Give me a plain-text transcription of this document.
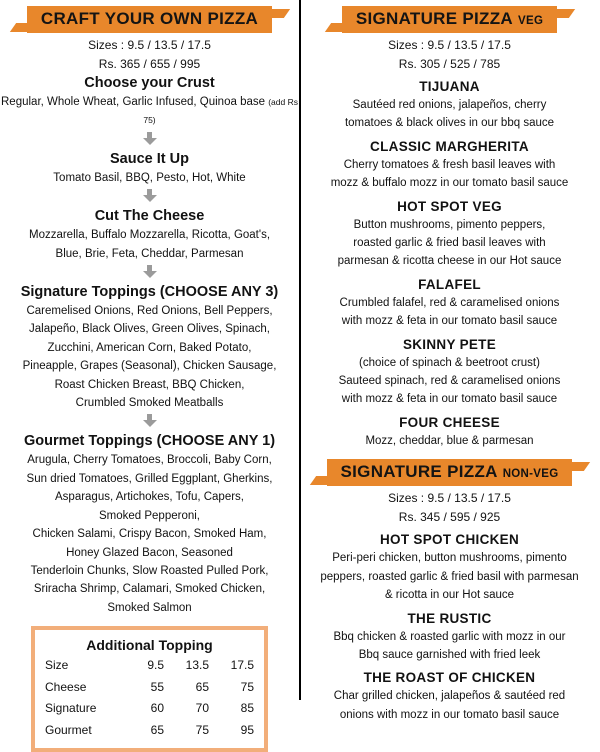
CRAFT YOUR OWN PIZZA
Sizes : 9.5 / 13.5 / 17.5
Rs. 365 / 655 / 995
Choose your Crust
Regular, Whole Wheat, Garlic Infused, Quinoa base (add Rs 75)
Sauce It Up
Tomato Basil, BBQ, Pesto, Hot, White
Cut The Cheese
Mozzarella, Buffalo Mozzarella, Ricotta, Goat's,
Blue, Brie, Feta, Cheddar, Parmesan
Signature Toppings (CHOOSE ANY 3)
Caremelised Onions, Red Onions, Bell Peppers,
Jalapeño, Black Olives, Green Olives, Spinach,
Zucchini, American Corn, Baked Potato,
Pineapple, Grapes (Seasonal), Chicken Sausage,
Roast Chicken Breast, BBQ Chicken,
Crumbled Smoked Meatballs
Gourmet Toppings (CHOOSE ANY 1)
Arugula, Cherry Tomatoes, Broccoli, Baby Corn,
Sun dried Tomatoes, Grilled Eggplant, Gherkins,
Asparagus, Artichokes, Tofu, Capers,
Smoked Pepperoni,
Chicken Salami, Crispy Bacon, Smoked Ham,
Honey Glazed Bacon, Seasoned
Tenderloin Chunks, Slow Roasted Pulled Pork,
Sriracha Shrimp, Calamari, Smoked Chicken,
Smoked Salmon
Additional Topping
Size	9.5	13.5	17.5
Cheese	55	65	75
Signature	60	70	85
Gourmet	65	75	95
SIGNATURE PIZZA VEG
Sizes : 9.5 / 13.5 / 17.5
Rs. 305 / 525 / 785
TIJUANA
Sautéed red onions, jalapeños, cherry
tomatoes & black olives in our bbq sauce
CLASSIC MARGHERITA
Cherry tomatoes & fresh basil leaves with
mozz & buffalo mozz in our tomato basil sauce
HOT SPOT VEG
Button mushrooms, pimento peppers,
roasted garlic & fried basil leaves with
parmesan & ricotta cheese in our Hot sauce
FALAFEL
Crumbled falafel, red & caramelised onions
with mozz & feta in our tomato basil sauce
SKINNY PETE
(choice of spinach & beetroot crust)
Sauteed spinach, red & caramelised onions
with mozz & feta in our tomato basil sauce
FOUR CHEESE
Mozz, cheddar, blue & parmesan
SIGNATURE PIZZA NON-VEG
Sizes : 9.5 / 13.5 / 17.5
Rs. 345 / 595 / 925
HOT SPOT CHICKEN
Peri-peri chicken, button mushrooms, pimento
peppers, roasted garlic & fried basil with parmesan
& ricotta in our Hot sauce
THE RUSTIC
Bbq chicken & roasted garlic with mozz in our
Bbq sauce garnished with fried leek
THE ROAST OF CHICKEN
Char grilled chicken, jalapeños & sautéed red
onions with mozz in our tomato basil sauce
